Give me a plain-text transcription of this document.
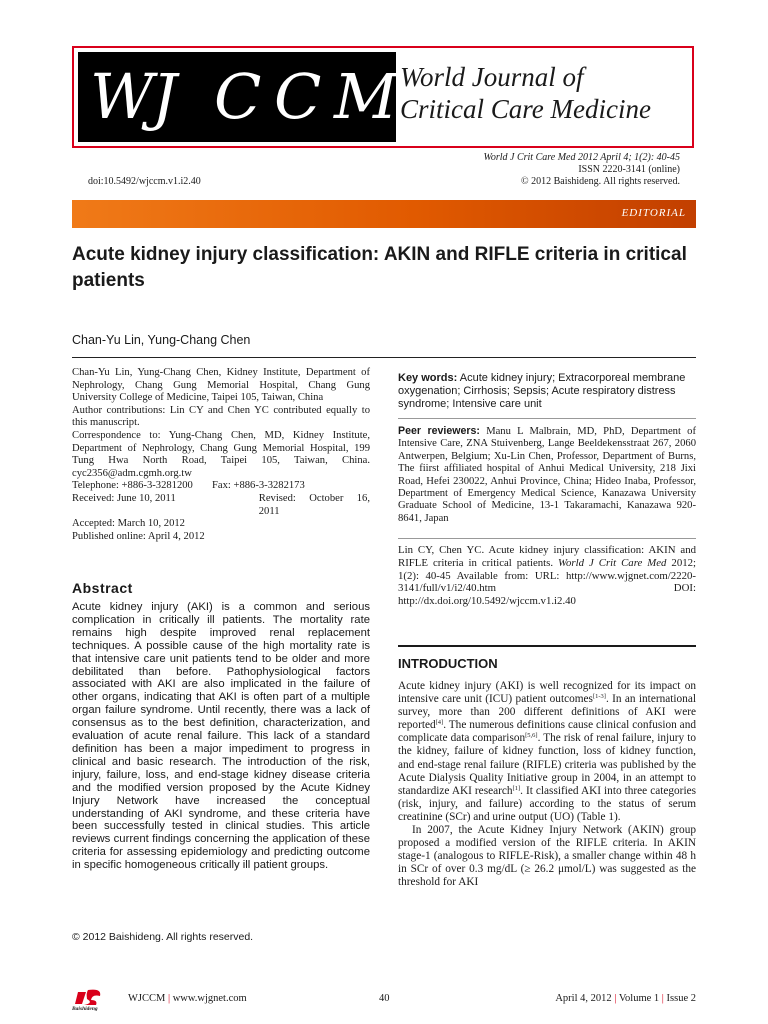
W
J C C M World Journal of
Critical Care Medicine
World J Crit Care Med 2012 April 4; 1(2): 40-45
ISSN 2220-3141 (online)
© 2012 Baishideng. All rights reserved.
doi:10.5492/wjccm.v1.i2.40
EDITORIAL
Acute kidney injury classification: AKIN and RIFLE criteria in critical patients
Chan-Yu Lin, Yung-Chang Chen

Chan-Yu Lin, Yung-Chang Chen, Kidney Institute, Department of Nephrology, Chang Gung Memorial Hospital, Chang Gung University College of Medicine, Taipei 105, Taiwan, China

Author contributions: Lin CY and Chen YC contributed equally to this manuscript.

Correspondence to: Yung-Chang Chen, MD, Kidney Institute, Department of Nephrology, Chang Gung Memorial Hospital, 199 Tung Hwa North Road, Taipei 105, Taiwan, China. cyc2356@adm.cgmh.org.tw

Telephone: +886-3-3281200	Fax: +886-3-3282173
Received: June 10, 2011	Revised: October 16, 2011

Accepted: March 10, 2012

Published online: April 4, 2012

Abstract

Acute kidney injury (AKI) is a common and serious complication in critically ill patients. The mortality rate remains high despite improved renal replacement techniques. A possible cause of the high mortality rate is that intensive care unit patients tend to be older and more debilitated than before. Pathophysiological factors associated with AKI are also implicated in the failure of other organs, indicating that AKI is often part of a multiple organ failure syndrome. Until recently, there was a lack of consensus as to the best definition, characterization, and evaluation of acute renal failure. This lack of a standard definition has been a major impediment to progress in clinical and basic research. The introduction of the risk, injury, failure, loss, and end-stage kidney disease criteria and the modified version proposed by the Acute Kidney Injury Network have increased the conceptual understanding of AKI syndrome, and these criteria have been successfully tested in clinical studies. This article reviews current findings concerning the application of these criteria for assessing epidemiology and predicting outcome in specific homogeneous critically ill patient groups.

© 2012 Baishideng. All rights reserved.
Key words: Acute kidney injury; Extracorporeal membrane oxygenation; Cirrhosis; Sepsis; Acute respiratory distress syndrome; Intensive care unit

Peer reviewers: Manu L Malbrain, MD, PhD, Department of Intensive Care, ZNA Stuivenberg, Lange Beeldekensstraat 267, 2060 Antwerpen, Belgium; Xu-Lin Chen, Professor, Department of Burns, The fiirst affiliated hospital of Anhui Medical University, 218 Jixi Road, Hefei 230022, Anhui Province, China; Hideo Inaba, Professor, Department of Emergency Medical Science, Kanazawa University Graduate School of Medicine, 13-1 Takaramachi, Kanazawa 920-8641, Japan

Lin CY, Chen YC. Acute kidney injury classification: AKIN and RIFLE criteria in critical patients. World J Crit Care Med 2012; 1(2): 40-45 Available from: URL: http://www.wjgnet.com/2220-3141/full/v1/i2/40.htm DOI: http://dx.doi.org/10.5492/wjccm.v1.i2.40

INTRODUCTION

Acute kidney injury (AKI) is well recognized for its impact on intensive care unit (ICU) patient outcomes[1-3]. In an international survey, more than 200 different definitions of AKI were reported[4]. The numerous definitions cause clinical confusion and complicate data comparison[5,6]. The risk of renal failure, injury to the kidney, failure of kidney function, loss of kidney function, and end-stage renal failure (RIFLE) criteria was published by the Acute Dialysis Quality Initiative group in 2004, in an attempt to standardize AKI research[1]. It classified AKI into three categories (risk, injury, and failure) according to the status of serum creatinine (SCr) and urine output (UO) (Table 1).

In 2007, the Acute Kidney Injury Network (AKIN) group proposed a modified version of the RIFLE criteria. In AKIN stage-1 (analogous to RIFLE-Risk), a smaller change within 48 h in SCr of over 0.3 mg/dL (≥ 26.2 μmol/L) was suggested as the threshold for AKI

Baishideng
WJCCM | www.wjgnet.com	40	April 4, 2012 | Volume 1 | Issue 2
